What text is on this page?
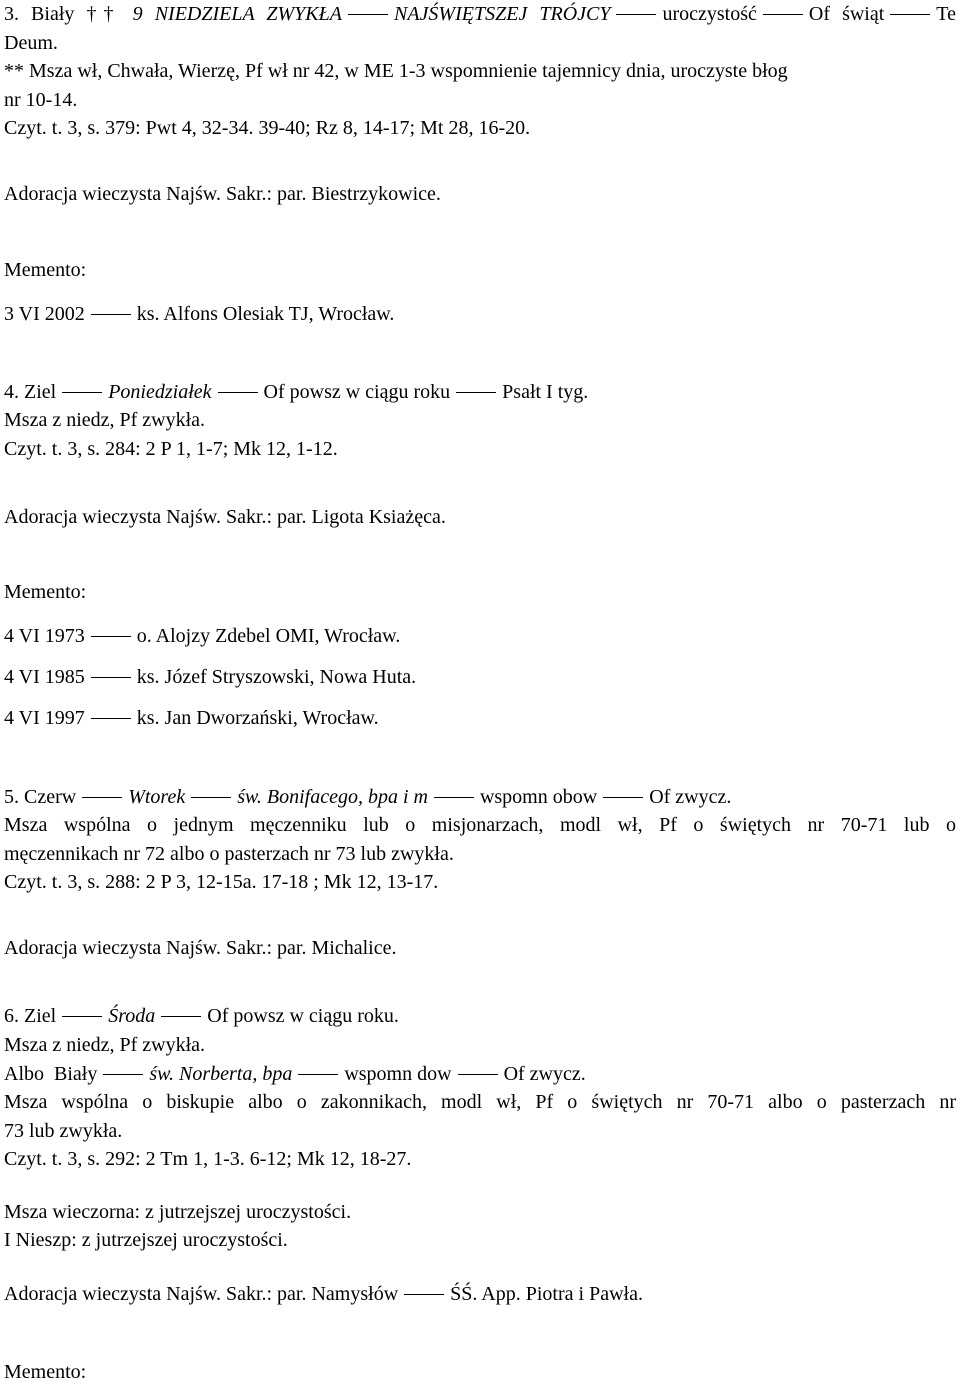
3. Biały †† 9 NIEDZIELA ZWYKŁA	NAJŚWIĘTSZEJ TRÓJCY	uroczystość	Of świąt	Te
Deum.
** Msza wł, Chwała, Wierzę, Pf wł nr 42, w ME 1-3 wspomnienie tajemnicy dnia, uroczyste błog
nr 10-14.
Czyt. t. 3, s. 379: Pwt 4, 32-34. 39-40; Rz 8, 14-17; Mt 28, 16-20.
Adoracja wieczysta Najśw. Sakr.: par. Biestrzykowice.
Memento:
3 VI 2002	ks. Alfons Olesiak TJ, Wrocław.
4. Ziel	Poniedziałek	Of powsz w ciągu roku	Psałt I tyg.
Msza z niedz, Pf zwykła.
Czyt. t. 3, s. 284: 2 P 1, 1-7; Mk 12, 1-12.
Adoracja wieczysta Najśw. Sakr.: par. Ligota Ksiażęca.
Memento:
4 VI 1973	o. Alojzy Zdebel OMI, Wrocław.
4 VI 1985	ks. Józef Stryszowski, Nowa Huta.
4 VI 1997	ks. Jan Dworzański, Wrocław.
5. Czerw	Wtorek	św. Bonifacego, bpa i m	wspomn obow	Of zwycz.
Msza wspólna o jednym męczenniku lub o misjonarzach, modl wł, Pf o świętych nr 70-71 lub o
męczennikach nr 72 albo o pasterzach nr 73 lub zwykła.
Czyt. t. 3, s. 288: 2 P 3, 12-15a. 17-18 ; Mk 12, 13-17.
Adoracja wieczysta Najśw. Sakr.: par. Michalice.
6. Ziel	Środa	Of powsz w ciągu roku.
Msza z niedz, Pf zwykła.
Albo  Biały	św. Norberta, bpa	wspomn dow	Of zwycz.
Msza wspólna o biskupie albo o zakonnikach, modl wł, Pf o świętych nr 70-71 albo o pasterzach nr
73 lub zwykła.
Czyt. t. 3, s. 292: 2 Tm 1, 1-3. 6-12; Mk 12, 18-27.
Msza wieczorna: z jutrzejszej uroczystości.
I Nieszp: z jutrzejszej uroczystości.
Adoracja wieczysta Najśw. Sakr.: par. Namysłów	ŚŚ. App. Piotra i Pawła.
Memento:
